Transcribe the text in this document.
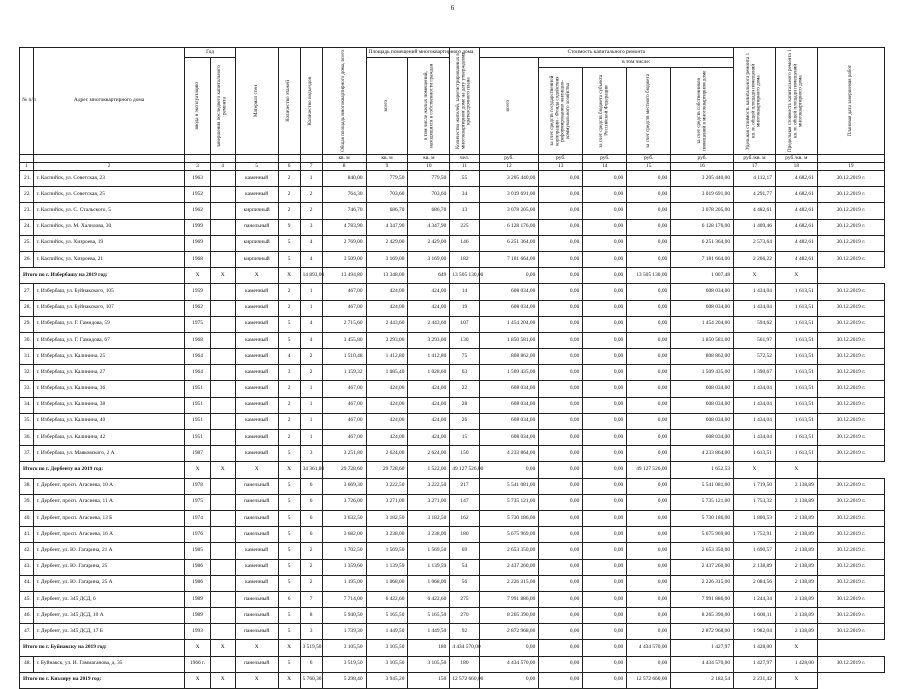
6
№ п/п	Адрес многоквартирного дома	Год		Материал стен	Количество этажей	Количество подъездов	Общая площадь многоквартирного дома, всего	Площадь помещений многоквартирного дома		Количество жителей, зарегистрированных в многоквартирном доме на дату утверждения краткосрочного плана	Стоимость капитального ремонта					Удельная стоимость капитального ремонта 1 кв. м. общей площади помещений многоквартирного дома	Предельная стоимость капитального ремонта 1 кв. м. общей площади помещений многоквартирного дома	Плановая дата завершения работ

		ввода в эксплуатацию	завершения последнего капитального ремонта					всего	в том числе жилых помещений, находящихся в собственности граждан		всего	в том числе:						

												за счет средств государственной корпорации - Фонда содействия реформированию жилищно-коммунального хозяйства	за счет средств бюджета субъекта Российской Федерации	за счет средств местного бюджета	за счет средств собственников помещений в многоквартирном доме			

							кв. м	кв. м	кв. м	чел.	руб.	руб.	руб.	руб.	руб.	руб./кв. м	руб./кв. м	
1	2	3	4	5	6	7	8	9	10	11	12	13	14	15	16	17	18	19
21.	г. Каспийск, ул. Советская, 23	1963		каменный	2	1	840,00	779,50	779,50	55	3 205 440,00	0,00	0,00	0,00	3 205 440,00	4 112,17	4 682,61	30.12.2019 г.
22.	г. Каспийск, ул. Советская, 25	1952		каменный	2	2	764,30	703,60	703,60	34	3 019 691,00	0,00	0,00	0,00	3 019 691,00	4 291,77	4 682,61	30.12.2019 г.
23.	г. Каспийск, ул. С. Стальского, 5	1962		кирпичный	2	2	746,70	686,70	686,70	13	3 078 205,00	0,00	0,00	0,00	3 078 205,00	4 482,61	4 482,61	30.12.2019 г.
24.	г. Каспийск, ул. М. Халилова, 30	1999		панельный	9	3	4 783,90	4 347,90	4 347,90	225	6 128 176,00	0,00	0,00	0,00	6 128 176,00	1 409,46	4 682,61	30.12.2019 г.
25.	г. Каспийск, ул. Хизроева, 19	1969		кирпичный	5	4	2 769,00	2 429,00	2 429,00	146	6 251 364,00	0,00	0,00	0,00	6 251 364,00	2 573,64	4 482,61	30.12.2019 г.
26.	г. Каспийск, ул. Хизроева, 21	1968		кирпичный	5	4	3 509,00	3 169,00	3 169,00	182	7 181 664,00	0,00	0,00	0,00	7 181 664,00	2 266,22	4 482,61	30.12.2019 г.
Итого по г. Избербашу на 2019 год:		X	X	X	X	14 893,00	13 494,80	13 348,00	649	13 505 130,00	0,00	0,00	0,00	13 505 130,00	1 007,48	X	X	
27.	г. Избербаш, ул. Буйнакского, 105	1959		каменный	2	1	467,00	424,00	424,00	14	608 034,00	0,00	0,00	0,00	608 034,00	1 434,04	1 613,51	30.12.2019 г.
28.	г. Избербаш, ул. Буйнакского, 107	1962		каменный	2	1	467,00	424,00	424,00	19	608 034,00	0,00	0,00	0,00	608 034,00	1 434,04	1 613,51	30.12.2019 г.
29.	г. Избербаш, ул. Г. Гамидова, 59	1975		каменный	5	4	2 715,60	2 443,60	2 443,60	107	1 454 204,00	0,00	0,00	0,00	1 454 204,00	594,62	1 613,51	30.12.2019 г.
30.	г. Избербаш, ул. Г. Гамидова, 67	1968		каменный	5	4	3 455,80	3 293,00	3 293,00	130	1 850 581,00	0,00	0,00	0,00	1 850 581,00	561,97	1 613,51	30.12.2019 г.
31.	г. Избербаш, ул. Калинина, 25	1964		каменный	4	2	1 510,48	1 412,80	1 412,80	75	808 862,00	0,00	0,00	0,00	808 862,00	572,52	1 613,51	30.12.2019 г.
32.	г. Избербаш, ул. Калинина, 27	1964		каменный	3	2	1 159,32	1 085,40	1 028,60	63	1 509 435,00	0,00	0,00	0,00	1 509 435,00	1 390,67	1 613,51	30.12.2019 г.
33.	г. Избербаш, ул. Калинина, 36	1951		каменный	2	1	467,00	424,00	424,00	22	608 034,00	0,00	0,00	0,00	608 034,00	1 434,04	1 613,51	30.12.2019 г.
34.	г. Избербаш, ул. Калинина, 38	1951		каменный	2	1	467,00	424,00	424,00	28	608 034,00	0,00	0,00	0,00	608 034,00	1 434,04	1 613,51	30.12.2019 г.
35.	г. Избербаш, ул. Калинина, 40	1951		каменный	2	1	467,00	424,00	424,00	26	608 034,00	0,00	0,00	0,00	608 034,00	1 434,04	1 613,51	30.12.2019 г.
36.	г. Избербаш, ул. Калинина, 42	1951		каменный	2	1	467,00	424,00	424,00	15	608 034,00	0,00	0,00	0,00	608 034,00	1 434,04	1 613,51	30.12.2019 г.
37.	г. Избербаш, ул. Маяковского, 2 А	1987		каменный	5	3	3 251,80	2 624,00	2 624,00	150	4 233 864,00	0,00	0,00	0,00	4 233 864,00	1 613,51	1 613,51	30.12.2019 г.
Итого по г. Дербенту на 2019 год:		X	X	X	X	34 361,80	29 728,60	29 728,60	1 522,00	49 127 526,00	0,00	0,00	0,00	49 127 526,00	1 652,53	X	X	
38.	г. Дербент, просп. Агасиева, 10 А	1978		панельный	5	6	3 669,30	3 222,50	3 222,50	217	5 541 081,00	0,00	0,00	0,00	5 541 081,00	1 719,50	2 138,89	30.12.2019 г.
39.	г. Дербент, просп. Агасиева, 11 А	1975		панельный	5	6	3 726,00	3 271,00	3 271,00	147	5 735 121,00	0,00	0,00	0,00	5 735 121,00	1 753,32	2 138,89	30.12.2019 г.
40.	г. Дербент, просп. Агасиева, 13 Б	1974		панельный	5	6	3 632,50	3 182,50	3 182,50	162	5 730 186,00	0,00	0,00	0,00	5 730 186,00	1 800,53	2 138,89	30.12.2019 г.
41.	г. Дербент, просп. Агасиева, 16 А	1976		панельный	5	6	3 682,00	3 238,00	3 238,00	180	5 675 969,00	0,00	0,00	0,00	5 675 969,00	1 752,91	2 138,89	30.12.2019 г.
42.	г. Дербент, ул. Ю. Гагарина, 21 А	1985		каменный	5	2	1 702,50	1 569,50	1 569,50	69	2 653 350,00	0,00	0,00	0,00	2 653 350,00	1 690,57	2 138,89	30.12.2019 г.
43.	г. Дербент, ул. Ю. Гагарина, 25	1986		каменный	5	2	1 359,60	1 139,59	1 139,59	54	2 437 260,00	0,00	0,00	0,00	2 437 260,00	2 138,89	2 138,89	30.12.2019 г.
44.	г. Дербент, ул. Ю. Гагарина, 25 А	1986		каменный	5	2	1 195,00	1 068,00	1 068,00	56	2 226 315,00	0,00	0,00	0,00	2 226 315,00	2 084,56	2 138,89	30.12.2019 г.
45.	г. Дербент, ул. 345 ДСД, 6	1989		панельный	6	7	7 714,00	6 422,60	6 422,60	275	7 991 886,00	0,00	0,00	0,00	7 991 886,00	1 244,34	2 138,89	30.12.2019 г.
46.	г. Дербент, ул. 345 ДСД, 10 А	1989		панельный	5	8	5 940,50	5 165,50	5 165,50	270	8 265 390,00	0,00	0,00	0,00	8 265 390,00	1 600,11	2 138,89	30.12.2019 г.
47.	г. Дербент, ул. 345 ДСД, 17 Б	1993		панельный	5	3	1 739,30	1 449,50	1 449,50	92	2 872 968,00	0,00	0,00	0,00	2 872 968,00	1 982,04	2 138,89	30.12.2019 г.
Итого по г. Буйнакску на 2019 год:		X	X	X	X	3 519,50	3 105,50	3 105,50	180	4 434 570,00	0,00	0,00	0,00	4 434 570,00	1 427,97	1 428,00	X	
48.	г. Буйнакск, ул. И. Гаммаганова, д. 35	1966 г.		панельный	5	6	3 519,50	3 105,50	3 105,50	180	4 434 570,00	0,00	0,00	0,00	4 434 570,00	1 427,97	1 428,00	30.12.2019 г.
Итого по г. Кизляру на 2019 год:		X	X	X	X	5 760,30	5 298,40	3 945,20	150	12 572 660,00	0,00	0,00	0,00	12 572 660,00	2 182,54	2 231,42	X	
